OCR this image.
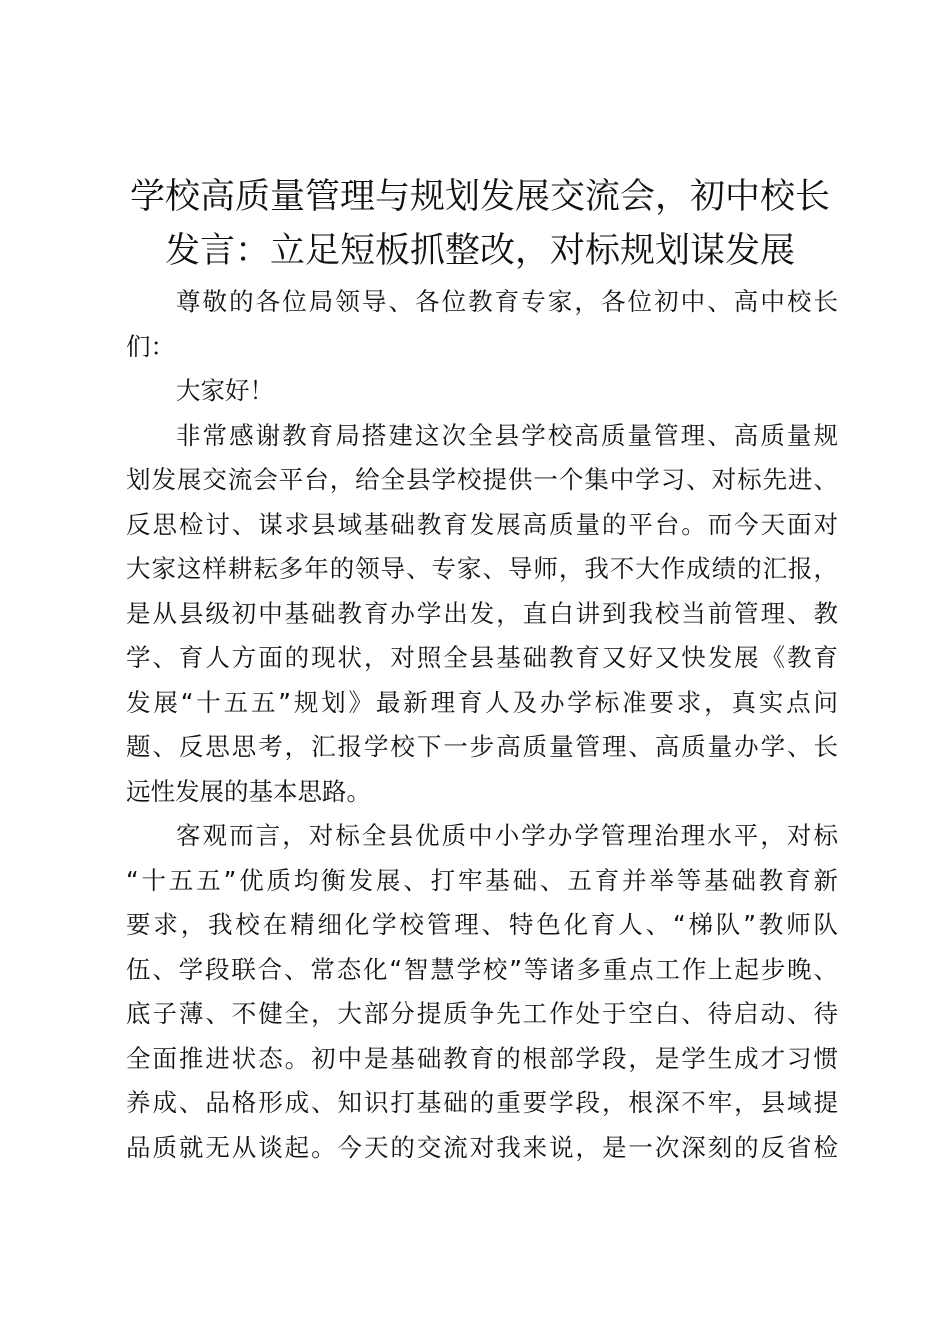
学校高质量管理与规划发展交流会，初中校长
发言：立足短板抓整改，对标规划谋发展

尊敬的各位局领导、各位教育专家，各位初中、高中校长
们：

大家好！

非常感谢教育局搭建这次全县学校高质量管理、高质量规
划发展交流会平台，给全县学校提供一个集中学习、对标先进、
反思检讨、谋求县域基础教育发展高质量的平台。而今天面对
大家这样耕耘多年的领导、专家、导师，我不大作成绩的汇报，
是从县级初中基础教育办学出发，直白讲到我校当前管理、教
学、育人方面的现状，对照全县基础教育又好又快发展《教育
发展“十五五”规划》最新理育人及办学标准要求，真实点问
题、反思思考，汇报学校下一步高质量管理、高质量办学、长
远性发展的基本思路。

客观而言，对标全县优质中小学办学管理治理水平，对标
“十五五”优质均衡发展、打牢基础、五育并举等基础教育新
要求，我校在精细化学校管理、特色化育人、“梯队”教师队
伍、学段联合、常态化“智慧学校”等诸多重点工作上起步晚、
底子薄、不健全，大部分提质争先工作处于空白、待启动、待
全面推进状态。初中是基础教育的根部学段，是学生成才习惯
养成、品格形成、知识打基础的重要学段，根深不牢，县域提
品质就无从谈起。今天的交流对我来说，是一次深刻的反省检
